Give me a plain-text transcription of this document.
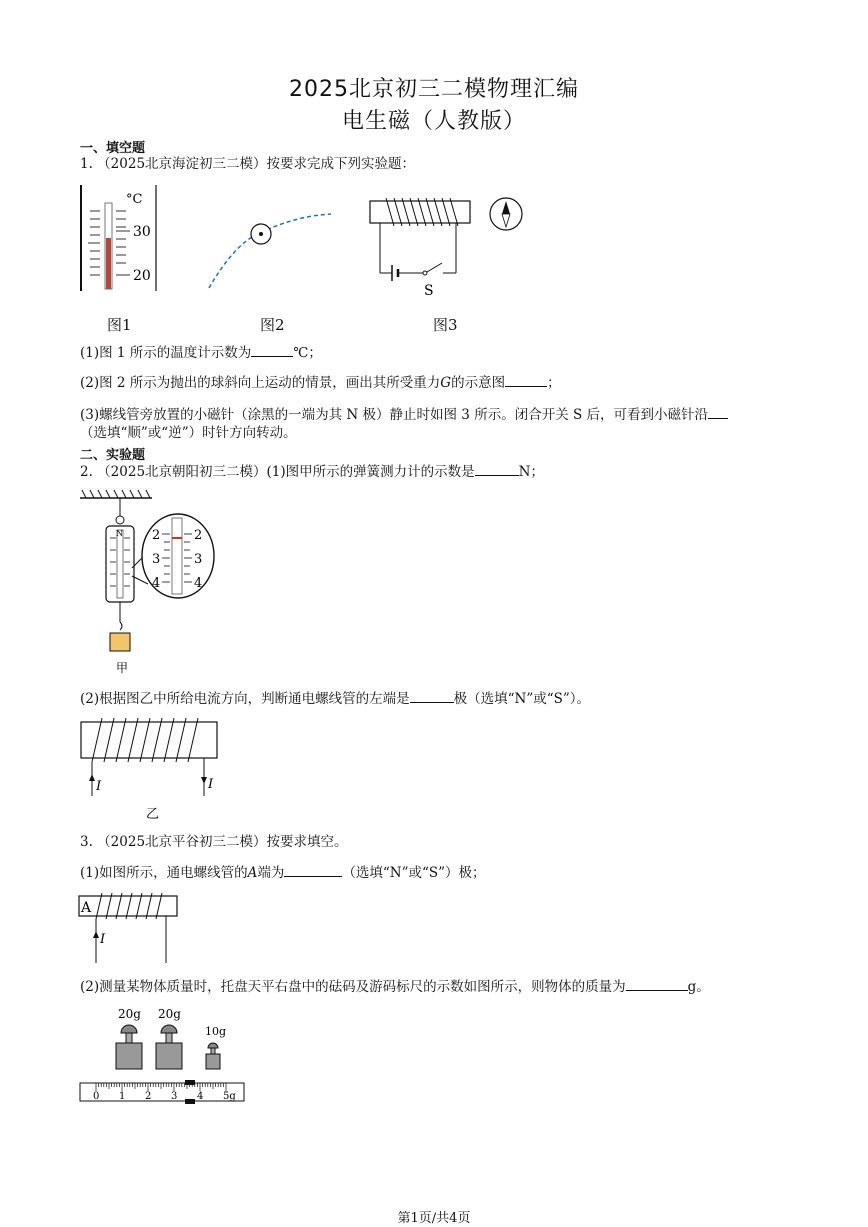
2025北京初三二模物理汇编
电生磁（人教版）
一、填空题
1. （2025北京海淀初三二模）按要求完成下列实验题：
°C
30
20
S
图1	图2	图3
(1)图 1 所示的温度计示数为	℃；
(2)图 2 所示为抛出的球斜向上运动的情景，画出其所受重力G的示意图	；
(3)螺线管旁放置的小磁针（涂黑的一端为其 N 极）静止时如图 3 所示。闭合开关 S 后，可看到小磁针沿
（选填“顺”或“逆”）时针方向转动。
二、实验题
2. （2025北京朝阳初三二模）(1)图甲所示的弹簧测力计的示数是	N；
N
甲
2
3
4
2
3
4
(2)根据图乙中所给电流方向，判断通电螺线管的左端是	极（选填“N”或“S”）。
I	I
乙
3. （2025北京平谷初三二模）按要求填空。
(1)如图所示，通电螺线管的A端为	（选填“N”或“S”）极；
A
I
(2)测量某物体质量时，托盘天平右盘中的砝码及游码标尺的示数如图所示，则物体的质量为	g。
20g 20g
10g
0 1 2 3 4 5g
第1页/共4页
